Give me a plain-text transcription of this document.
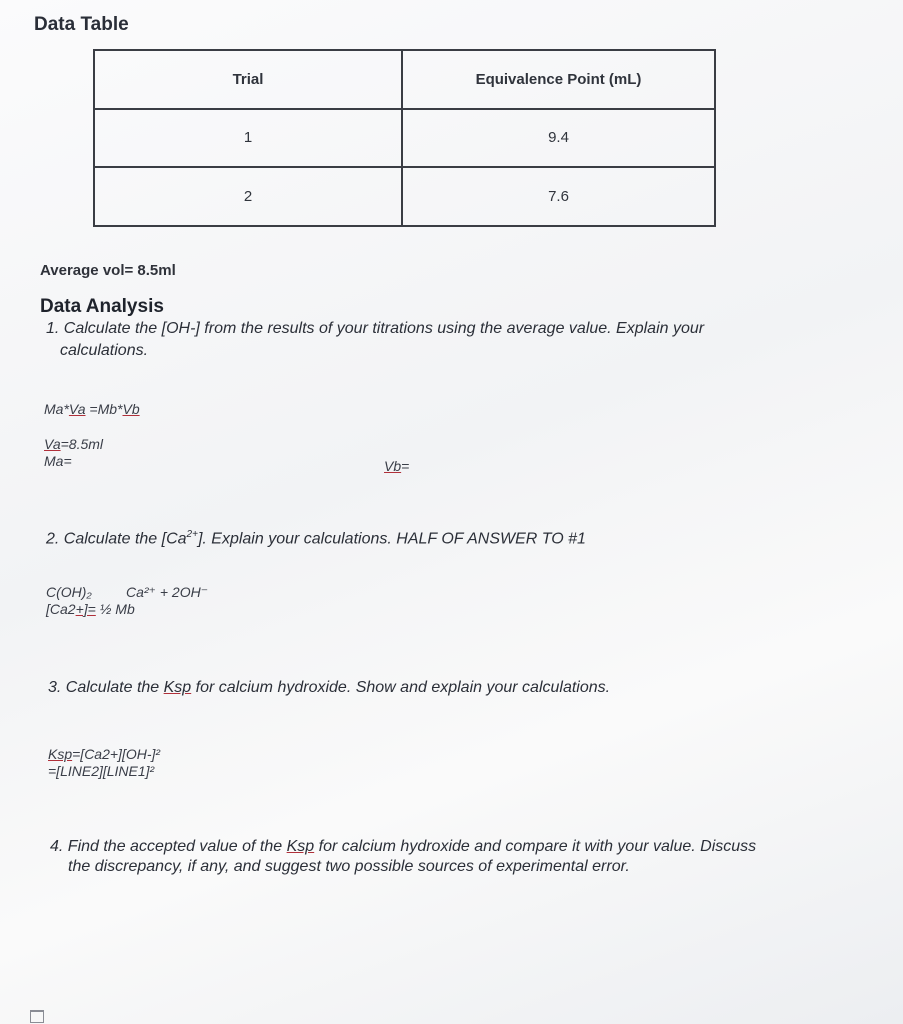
Data Table
Trial	Equivalence Point (mL)
1	9.4
2	7.6
Average vol= 8.5ml
Data Analysis
1. Calculate the [OH-] from the results of your titrations using the average value. Explain your
calculations.
Ma*Va =Mb*Vb
Va=8.5ml
Ma=	Vb=
2. Calculate the $[Ca^{2+}]$. Explain your calculations. HALF OF ANSWER TO #1
C(OH)₂ Ca²⁺ + 2OH⁻
[Ca2+]= ½ Mb
3. Calculate the Ksp for calcium hydroxide. Show and explain your calculations.
Ksp=[Ca2+][OH-]²
=[LINE2][LINE1]²
4. Find the accepted value of the Ksp for calcium hydroxide and compare it with your value. Discuss
the discrepancy, if any, and suggest two possible sources of experimental error.
